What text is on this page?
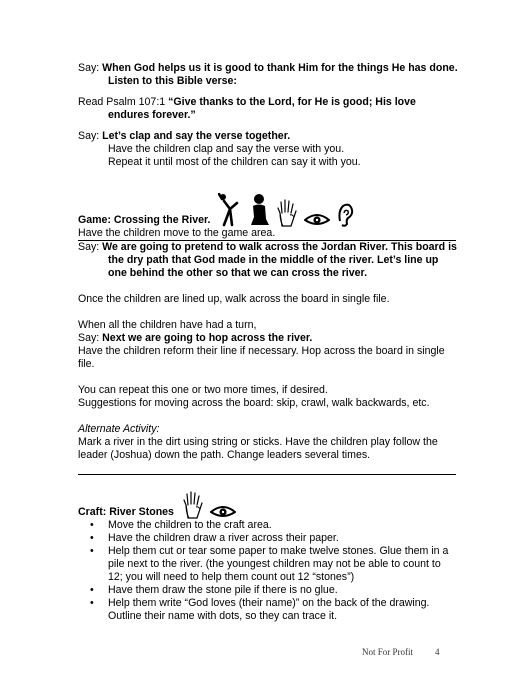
Say: When God helps us it is good to thank Him for the things He has done. Listen to this Bible verse:

Read Psalm 107:1 “Give thanks to the Lord, for He is good; His love endures forever.”

Say: Let’s clap and say the verse together.

Have the children clap and say the verse with you.

Repeat it until most of the children can say it with you.

Game: Crossing the River.

Have the children move to the game area.

Say: We are going to pretend to walk across the Jordan River. This board is the dry path that God made in the middle of the river. Let’s line up one behind the other so that we can cross the river.

Once the children are lined up, walk across the board in single file.

When all the children have had a turn,

Say: Next we are going to hop across the river.

Have the children reform their line if necessary. Hop across the board in single file.

You can repeat this one or two more times, if desired.

Suggestions for moving across the board: skip, crawl, walk backwards, etc.

Alternate Activity:

Mark a river in the dirt using string or sticks. Have the children play follow the leader (Joshua) down the path. Change leaders several times.

Craft: River Stones
• Move the children to the craft area.
• Have the children draw a river across their paper.
• Help them cut or tear some paper to make twelve stones. Glue them in a pile next to the river. (the youngest children may not be able to count to 12; you will need to help them count out 12 “stones”)
• Have them draw the stone pile if there is no glue.
• Help them write “God loves (their name)” on the back of the drawing. Outline their name with dots, so they can trace it.
Not For Profit 4
